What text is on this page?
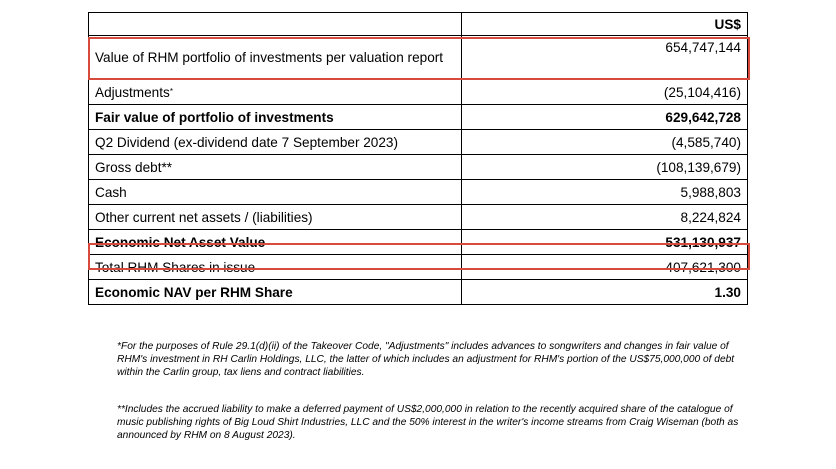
	US$
Value of RHM portfolio of investments per valuation report	654,747,144
Adjustments*	(25,104,416)
Fair value of portfolio of investments	629,642,728
Q2 Dividend (ex-dividend date 7 September 2023)	(4,585,740)
Gross debt**	(108,139,679)
Cash	5,988,803
Other current net assets / (liabilities)	8,224,824
Economic Net Asset Value	531,130,937
Total RHM Shares in issue	407,621,300
Economic NAV per RHM Share	1.30

*For the purposes of Rule 29.1(d)(ii) of the Takeover Code, "Adjustments" includes advances to songwriters and changes in fair value of RHM's investment in RH Carlin Holdings, LLC, the latter of which includes an adjustment for RHM's portion of the US$75,000,000 of debt within the Carlin group, tax liens and contract liabilities.

**Includes the accrued liability to make a deferred payment of US$2,000,000 in relation to the recently acquired share of the catalogue of music publishing rights of Big Loud Shirt Industries, LLC and the 50% interest in the writer's income streams from Craig Wiseman (both as announced by RHM on 8 August 2023).
